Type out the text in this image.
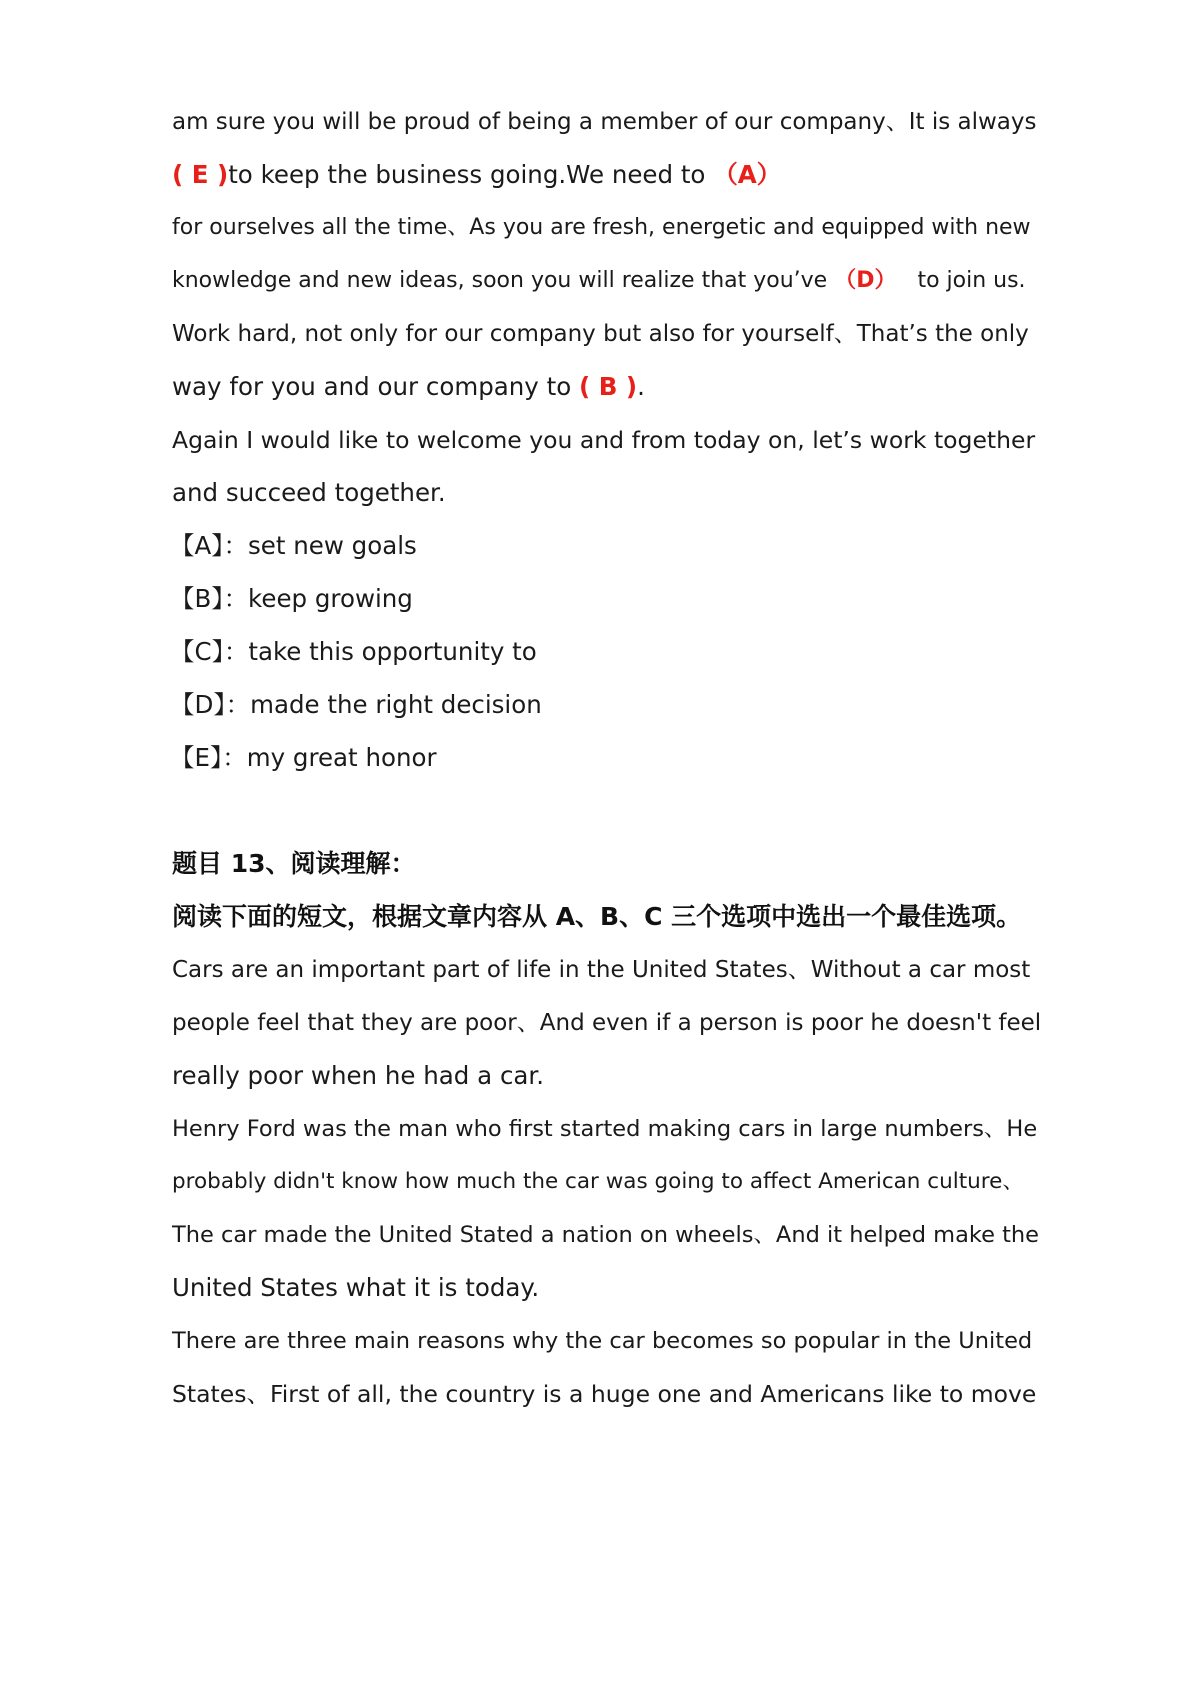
am sure you will be proud of being a member of our company、It is always
( E )to keep the business going.We need to （A）
for ourselves all the time、As you are fresh, energetic and equipped with new
knowledge and new ideas, soon you will realize that you’ve （D）   to join us.
Work hard, not only for our company but also for yourself、That’s the only
way for you and our company to ( B ).
Again I would like to welcome you and from today on, let’s work together
and succeed together.
【A】：set new goals
【B】：keep growing
【C】：take this opportunity to
【D】：made the right decision
【E】：my great honor
题目 13、阅读理解：
阅读下面的短文，根据文章内容从 A、B、C 三个选项中选出一个最佳选项。
Cars are an important part of life in the United States、Without a car most
people feel that they are poor、And even if a person is poor he doesn't feel
really poor when he had a car.
Henry Ford was the man who first started making cars in large numbers、He
probably didn't know how much the car was going to affect American culture、
The car made the United Stated a nation on wheels、And it helped make the
United States what it is today.
There are three main reasons why the car becomes so popular in the United
States、First of all, the country is a huge one and Americans like to move
